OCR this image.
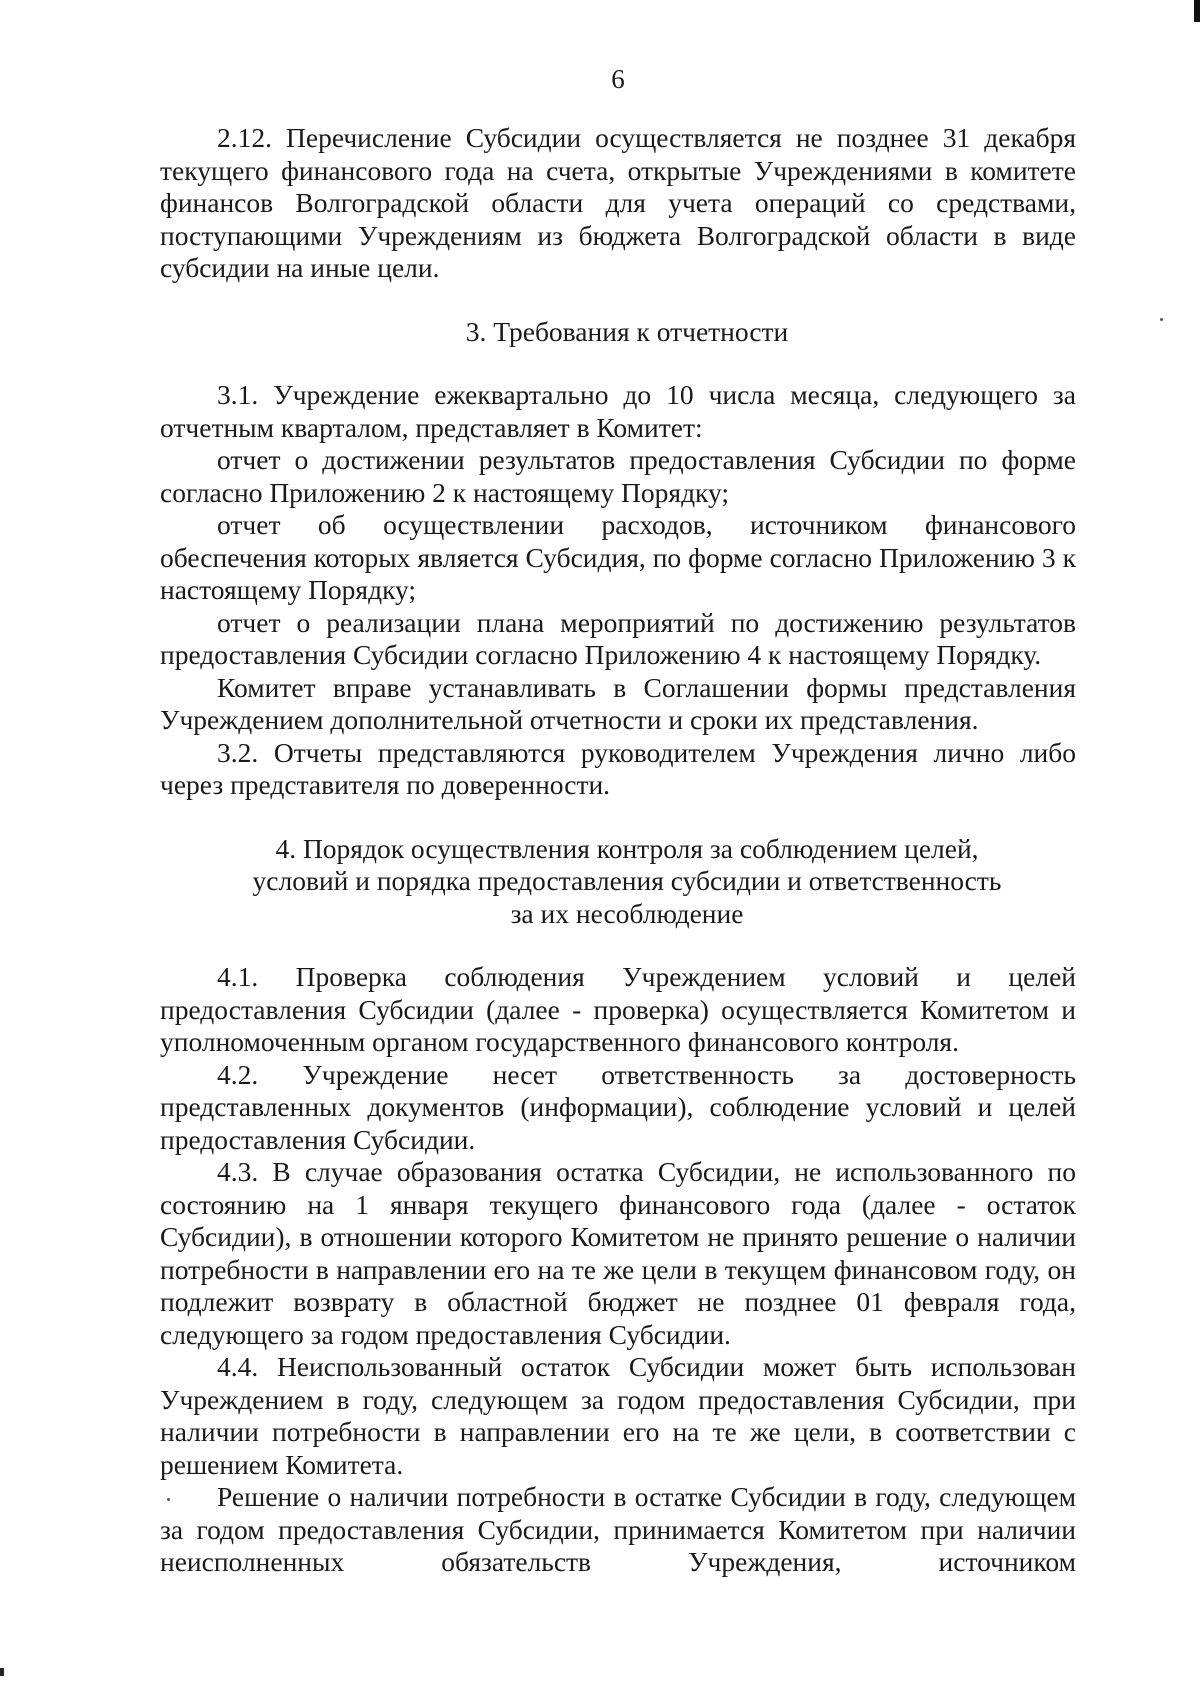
6

2.12. Перечисление Субсидии осуществляется не позднее 31 декабря текущего финансового года на счета, открытые Учреждениями в комитете финансов Волгоградской области для учета операций со средствами, поступающими Учреждениям из бюджета Волгоградской области в виде субсидии на иные цели.

3. Требования к отчетности

3.1. Учреждение ежеквартально до 10 числа месяца, следующего за отчетным кварталом, представляет в Комитет:

отчет о достижении результатов предоставления Субсидии по форме согласно Приложению 2 к настоящему Порядку;

отчет об осуществлении расходов, источником финансового обеспечения которых является Субсидия, по форме согласно Приложению 3 к настоящему Порядку;

отчет о реализации плана мероприятий по достижению результатов предоставления Субсидии согласно Приложению 4 к настоящему Порядку.

Комитет вправе устанавливать в Соглашении формы представления Учреждением дополнительной отчетности и сроки их представления.

3.2. Отчеты представляются руководителем Учреждения лично либо через представителя по доверенности.

4. Порядок осуществления контроля за соблюдением целей,
условий и порядка предоставления субсидии и ответственность
за их несоблюдение

4.1. Проверка соблюдения Учреждением условий и целей предоставления Субсидии (далее - проверка) осуществляется Комитетом и уполномоченным органом государственного финансового контроля.

4.2. Учреждение несет ответственность за достоверность представленных документов (информации), соблюдение условий и целей предоставления Субсидии.

4.3. В случае образования остатка Субсидии, не использованного по состоянию на 1 января текущего финансового года (далее - остаток Субсидии), в отношении которого Комитетом не принято решение о наличии потребности в направлении его на те же цели в текущем финансовом году, он подлежит возврату в областной бюджет не позднее 01 февраля года, следующего за годом предоставления Субсидии.

4.4. Неиспользованный остаток Субсидии может быть использован Учреждением в году, следующем за годом предоставления Субсидии, при наличии потребности в направлении его на те же цели, в соответствии с решением Комитета.

Решение о наличии потребности в остатке Субсидии в году, следующем за годом предоставления Субсидии, принимается Комитетом при наличии неисполненных обязательств Учреждения, источником
